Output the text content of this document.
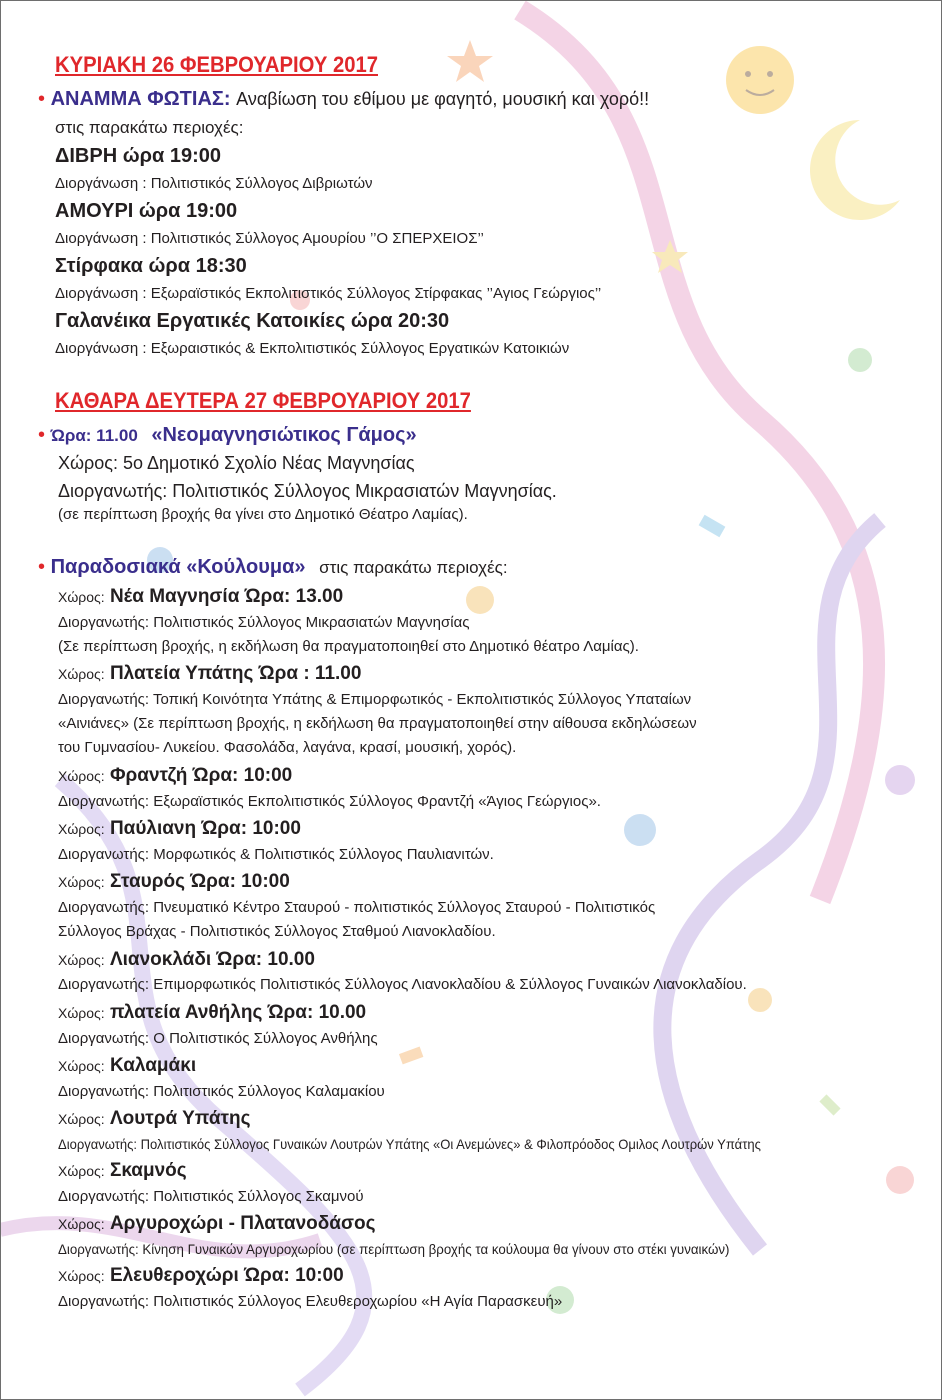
ΚΥΡΙΑΚΗ 26 ΦΕΒΡΟΥΑΡΙΟΥ 2017
• ΑΝΑΜΜΑ ΦΩΤΙΑΣ: Αναβίωση του εθίμου με φαγητό, μουσική και χορό!!
στις παρακάτω περιοχές:
ΔΙΒΡΗ ώρα 19:00
Διοργάνωση : Πολιτιστικός Σύλλογος Διβριωτών
ΑΜΟΥΡΙ ώρα 19:00
Διοργάνωση : Πολιτιστικός Σύλλογος Αμουρίου ’’Ο ΣΠΕΡΧΕΙΟΣ’’
Στίρφακα ώρα 18:30
Διοργάνωση : Εξωραϊστικός Εκπολιτιστικός Σύλλογος Στίρφακας ’’Αγιος Γεώργιος’’
Γαλανέικα Εργατικές Κατοικίες ώρα 20:30
Διοργάνωση : Εξωραιστικός & Εκπολιτιστικός Σύλλογος Εργατικών Κατοικιών
ΚΑΘΑΡΑ ΔΕΥΤΕΡΑ 27 ΦΕΒΡΟΥΑΡΙΟΥ 2017
• Ώρα: 11.00 «Νεομαγνησιώτικος Γάμος»
Χώρος: 5ο Δημοτικό Σχολίο Νέας Μαγνησίας
Διοργανωτής: Πολιτιστικός Σύλλογος Μικρασιατών Μαγνησίας.
(σε περίπτωση βροχής θα γίνει στο Δημοτικό Θέατρο Λαμίας).
• Παραδοσιακά «Κούλουμα» στις παρακάτω περιοχές:
Χώρος: Νέα Μαγνησία Ώρα: 13.00
Διοργανωτής: Πολιτιστικός Σύλλογος Μικρασιατών Μαγνησίας
(Σε περίπτωση βροχής, η εκδήλωση θα πραγματοποιηθεί στο Δημοτικό θέατρο Λαμίας).
Χώρος: Πλατεία Υπάτης Ώρα : 11.00
Διοργανωτής: Τοπική Κοινότητα Υπάτης & Επιμορφωτικός - Εκπολιτιστικός Σύλλογος Υπαταίων
«Αινιάνες» (Σε περίπτωση βροχής, η εκδήλωση θα πραγματοποιηθεί στην αίθουσα εκδηλώσεων
του Γυμνασίου- Λυκείου. Φασολάδα, λαγάνα, κρασί, μουσική, χορός).
Χώρος: Φραντζή Ώρα: 10:00
Διοργανωτής: Εξωραϊστικός Εκπολιτιστικός Σύλλογος Φραντζή «Άγιος Γεώργιος».
Χώρος: Παύλιανη Ώρα: 10:00
Διοργανωτής: Μορφωτικός & Πολιτιστικός Σύλλογος Παυλιανιτών.
Χώρος: Σταυρός Ώρα: 10:00
Διοργανωτής: Πνευματικό Κέντρο Σταυρού - πολιτιστικός Σύλλογος Σταυρού - Πολιτιστικός
Σύλλογος Βράχας - Πολιτιστικός Σύλλογος Σταθμού Λιανοκλαδίου.
Χώρος: Λιανοκλάδι Ώρα: 10.00
Διοργανωτής: Επιμορφωτικός Πολιτιστικός Σύλλογος Λιανοκλαδίου & Σύλλογος Γυναικών Λιανοκλαδίου.
Χώρος: πλατεία Ανθήλης Ώρα: 10.00
Διοργανωτής: Ο Πολιτιστικός Σύλλογος Ανθήλης
Χώρος: Καλαμάκι
Διοργανωτής: Πολιτιστικός Σύλλογος Καλαμακίου
Χώρος: Λουτρά Υπάτης
Διοργανωτής: Πολιτιστικός Σύλλογος Γυναικών Λουτρών Υπάτης «Οι Ανεμώνες» & Φιλοπρόοδος Ομιλος Λουτρών Υπάτης
Χώρος: Σκαμνός
Διοργανωτής: Πολιτιστικός Σύλλογος Σκαμνού
Χώρος: Αργυροχώρι - Πλατανοδάσος
Διοργανωτής: Κίνηση Γυναικών Αργυροχωρίου (σε περίπτωση βροχής τα κούλουμα θα γίνουν στο στέκι γυναικών)
Χώρος: Ελευθεροχώρι Ώρα: 10:00
Διοργανωτής: Πολιτιστικός Σύλλογος Ελευθεροχωρίου «Η Αγία Παρασκευή»
